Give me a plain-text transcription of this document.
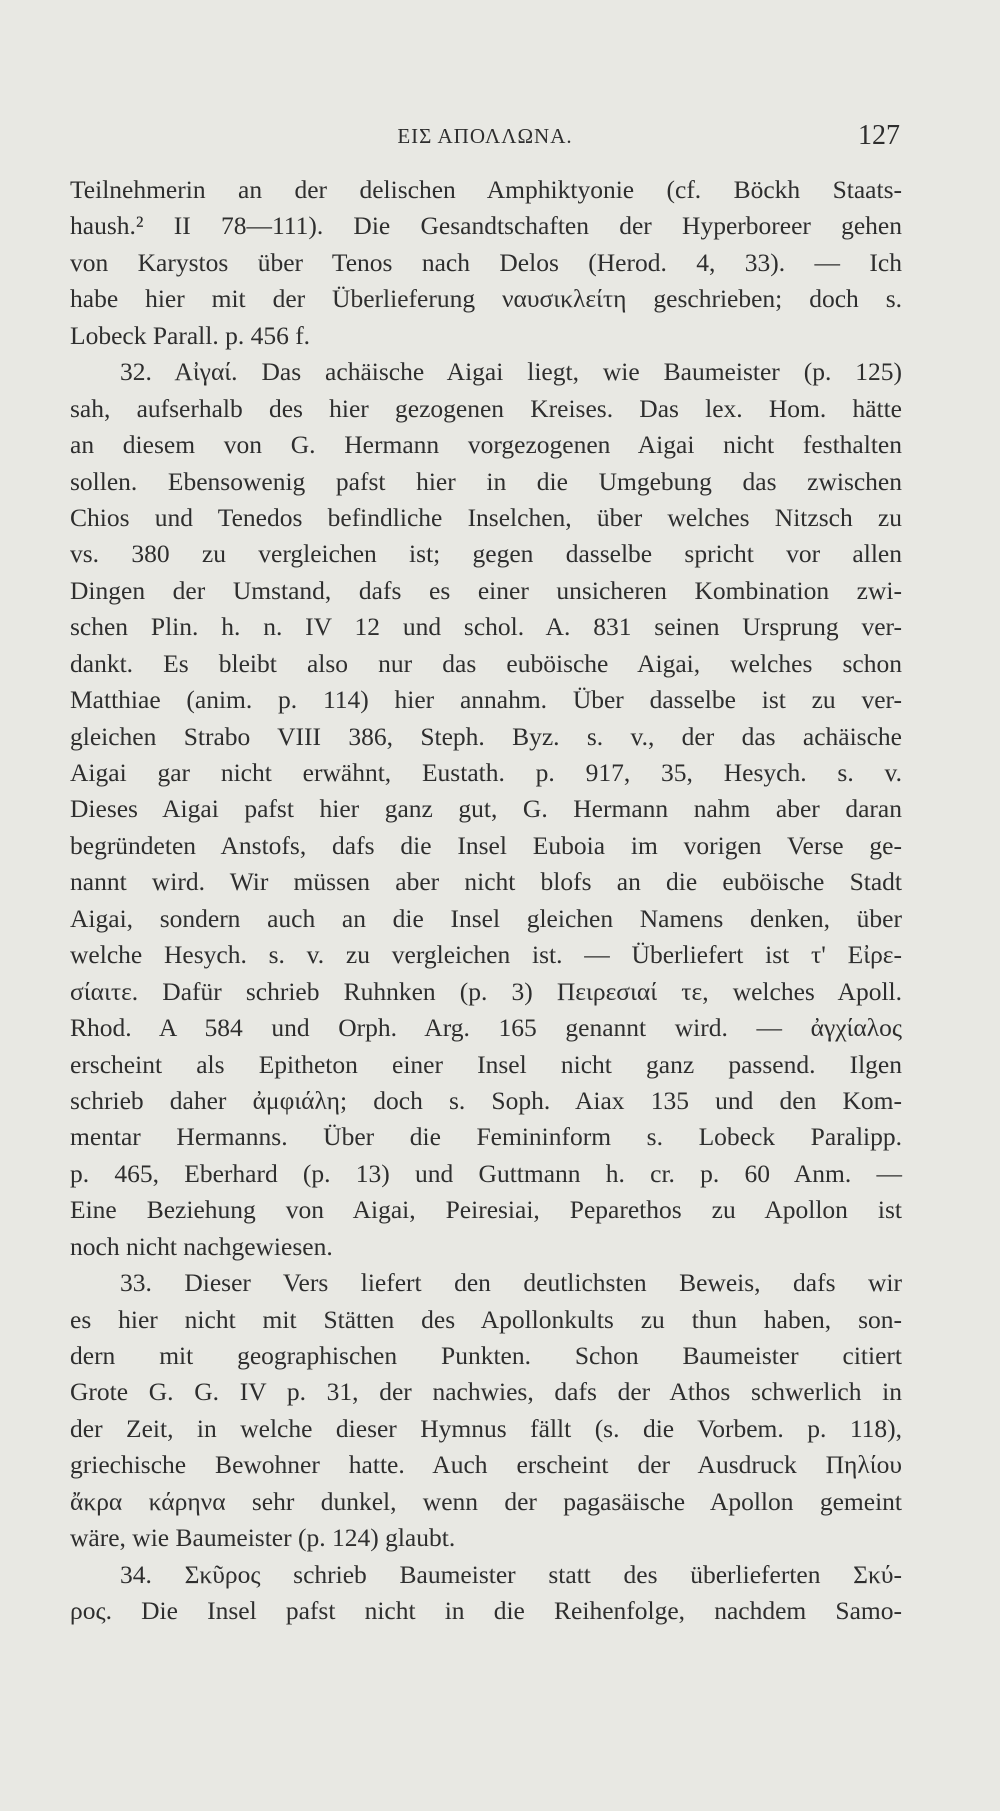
ΕΙΣ ΑΠΟΛΛΩΝΑ.	127
Teilnehmerin an der delischen Amphiktyonie (cf. Böckh Staats-
haush.² II 78—111). Die Gesandtschaften der Hyperboreer gehen
von Karystos über Tenos nach Delos (Herod. 4, 33). — Ich
habe hier mit der Überlieferung ναυσικλείτη geschrieben; doch s.
Lobeck Parall. p. 456 f.
32. Αἰγαί. Das achäische Aigai liegt, wie Baumeister (p. 125)
sah, aufserhalb des hier gezogenen Kreises. Das lex. Hom. hätte
an diesem von G. Hermann vorgezogenen Aigai nicht festhalten
sollen. Ebensowenig pafst hier in die Umgebung das zwischen
Chios und Tenedos befindliche Inselchen, über welches Nitzsch zu
vs. 380 zu vergleichen ist; gegen dasselbe spricht vor allen
Dingen der Umstand, dafs es einer unsicheren Kombination zwi-
schen Plin. h. n. IV 12 und schol. A. 831 seinen Ursprung ver-
dankt. Es bleibt also nur das euböische Aigai, welches schon
Matthiae (anim. p. 114) hier annahm. Über dasselbe ist zu ver-
gleichen Strabo VIII 386, Steph. Byz. s. v., der das achäische
Aigai gar nicht erwähnt, Eustath. p. 917, 35, Hesych. s. v.
Dieses Aigai pafst hier ganz gut, G. Hermann nahm aber daran
begründeten Anstofs, dafs die Insel Euboia im vorigen Verse ge-
nannt wird. Wir müssen aber nicht blofs an die euböische Stadt
Aigai, sondern auch an die Insel gleichen Namens denken, über
welche Hesych. s. v. zu vergleichen ist. — Überliefert ist τ' Εἰρε-
σίαιτε. Dafür schrieb Ruhnken (p. 3) Πειρεσιαί τε, welches Apoll.
Rhod. A 584 und Orph. Arg. 165 genannt wird. — ἀγχίαλος
erscheint als Epitheton einer Insel nicht ganz passend. Ilgen
schrieb daher ἀμφιάλη; doch s. Soph. Aiax 135 und den Kom-
mentar Hermanns. Über die Femininform s. Lobeck Paralipp.
p. 465, Eberhard (p. 13) und Guttmann h. cr. p. 60 Anm. —
Eine Beziehung von Aigai, Peiresiai, Peparethos zu Apollon ist
noch nicht nachgewiesen.
33. Dieser Vers liefert den deutlichsten Beweis, dafs wir
es hier nicht mit Stätten des Apollonkults zu thun haben, son-
dern mit geographischen Punkten. Schon Baumeister citiert
Grote G. G. IV p. 31, der nachwies, dafs der Athos schwerlich in
der Zeit, in welche dieser Hymnus fällt (s. die Vorbem. p. 118),
griechische Bewohner hatte. Auch erscheint der Ausdruck Πηλίου
ἄκρα κάρηνα sehr dunkel, wenn der pagasäische Apollon gemeint
wäre, wie Baumeister (p. 124) glaubt.
34. Σκῦρος schrieb Baumeister statt des überlieferten Σκύ-
ρος. Die Insel pafst nicht in die Reihenfolge, nachdem Samo-
